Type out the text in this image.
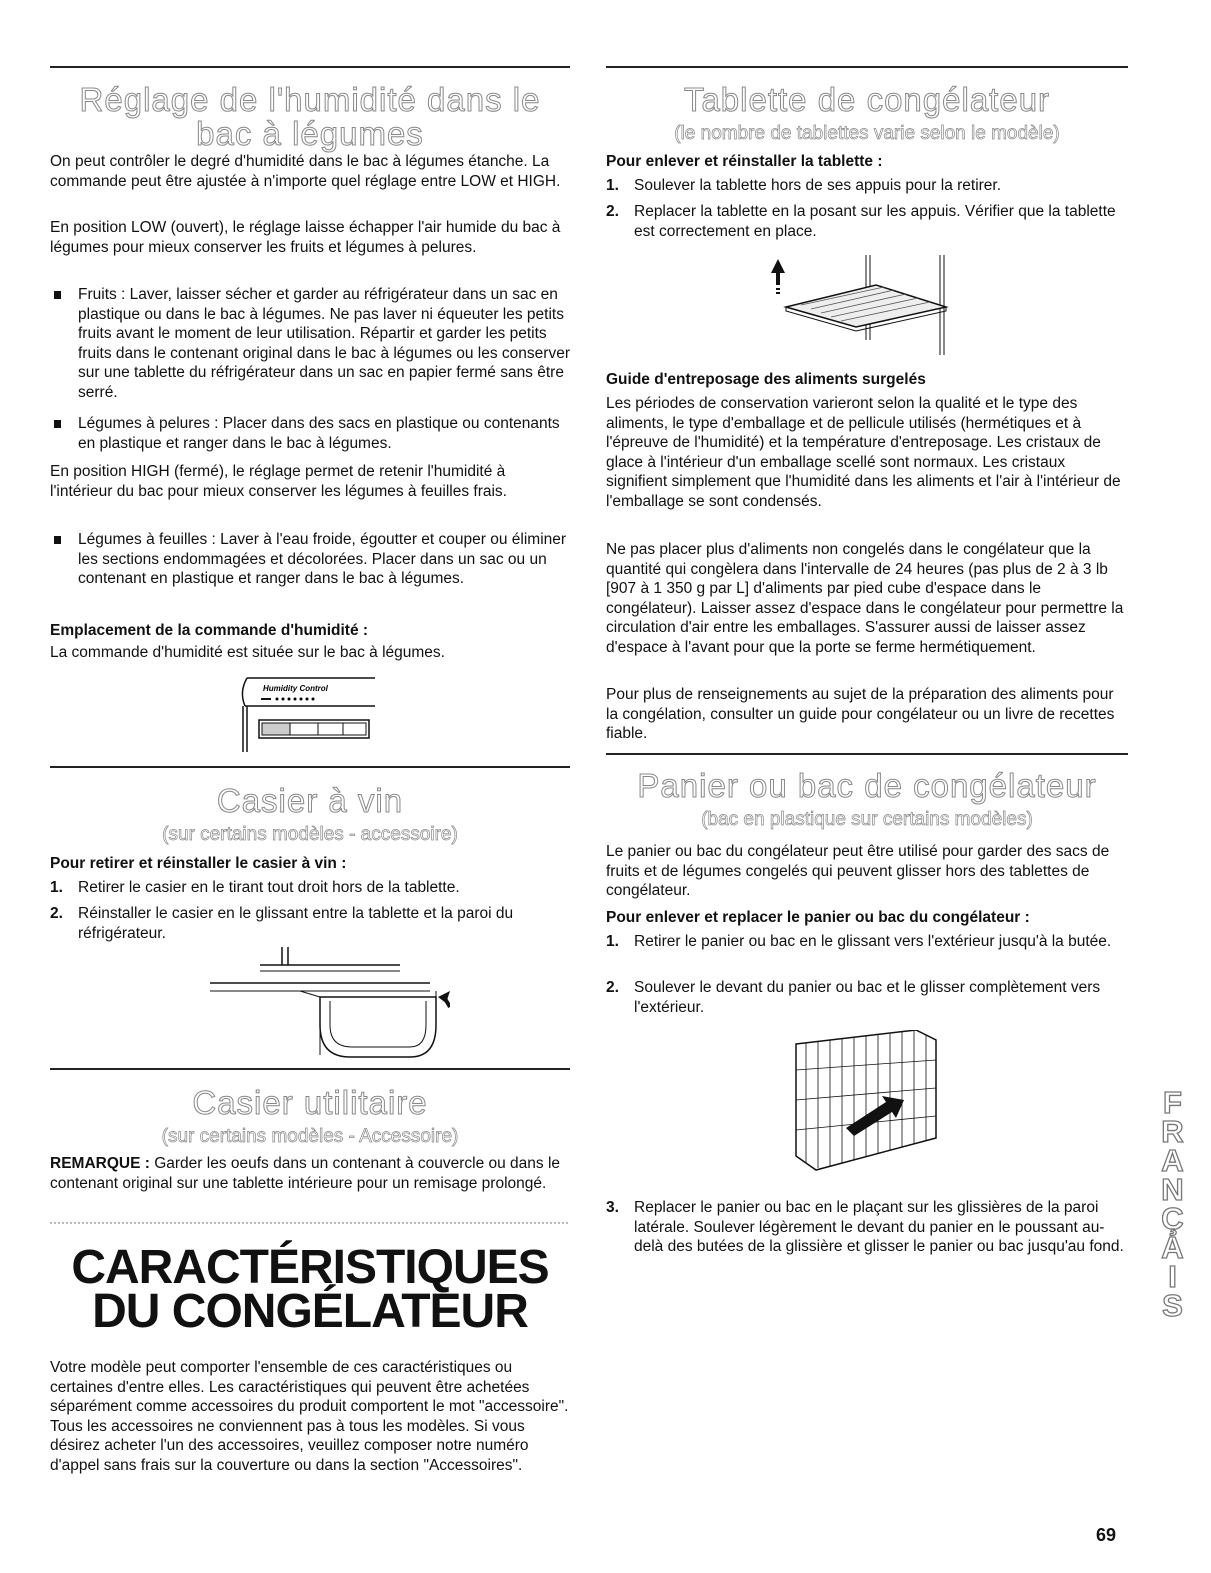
Réglage de l'humidité dans le
bac à légumes

On peut contrôler le degré d'humidité dans le bac à légumes étanche. La commande peut être ajustée à n'importe quel réglage entre LOW et HIGH.

En position LOW (ouvert), le réglage laisse échapper l'air humide du bac à légumes pour mieux conserver les fruits et légumes à pelures.

Fruits : Laver, laisser sécher et garder au réfrigérateur dans un sac en plastique ou dans le bac à légumes. Ne pas laver ni équeuter les petits fruits avant le moment de leur utilisation. Répartir et garder les petits fruits dans le contenant original dans le bac à légumes ou les conserver sur une tablette du réfrigérateur dans un sac en papier fermé sans être serré.
Légumes à pelures : Placer dans des sacs en plastique ou contenants en plastique et ranger dans le bac à légumes.

En position HIGH (fermé), le réglage permet de retenir l'humidité à l'intérieur du bac pour mieux conserver les légumes à feuilles frais.

Légumes à feuilles : Laver à l'eau froide, égoutter et couper ou éliminer les sections endommagées et décolorées. Placer dans un sac ou un contenant en plastique et ranger dans le bac à légumes.

Emplacement de la commande d'humidité :

La commande d'humidité est située sur le bac à légumes.

Humidity Control
Casier à vin
(sur certains modèles - accessoire)

Pour retirer et réinstaller le casier à vin :

1. Retirer le casier en le tirant tout droit hors de la tablette.
2. Réinstaller le casier en le glissant entre la tablette et la paroi du réfrigérateur.
Casier utilitaire
(sur certains modèles - Accessoire)

REMARQUE : Garder les oeufs dans un contenant à couvercle ou dans le contenant original sur une tablette intérieure pour un remisage prolongé.

CARACTÉRISTIQUES
DU CONGÉLATEUR

Votre modèle peut comporter l'ensemble de ces caractéristiques ou certaines d'entre elles. Les caractéristiques qui peuvent être achetées séparément comme accessoires du produit comportent le mot "accessoire". Tous les accessoires ne conviennent pas à tous les modèles. Si vous désirez acheter l'un des accessoires, veuillez composer notre numéro d'appel sans frais sur la couverture ou dans la section "Accessoires".

Tablette de congélateur
(le nombre de tablettes varie selon le modèle)

Pour enlever et réinstaller la tablette :

1. Soulever la tablette hors de ses appuis pour la retirer.
2. Replacer la tablette en la posant sur les appuis. Vérifier que la tablette est correctement en place.

Guide d'entreposage des aliments surgelés

Les périodes de conservation varieront selon la qualité et le type des aliments, le type d'emballage et de pellicule utilisés (hermétiques et à l'épreuve de l'humidité) et la température d'entreposage. Les cristaux de glace à l'intérieur d'un emballage scellé sont normaux. Les cristaux signifient simplement que l'humidité dans les aliments et l'air à l'intérieur de l'emballage se sont condensés.

Ne pas placer plus d'aliments non congelés dans le congélateur que la quantité qui congèlera dans l'intervalle de 24 heures (pas plus de 2 à 3 lb [907 à 1 350 g par L] d'aliments par pied cube d'espace dans le congélateur). Laisser assez d'espace dans le congélateur pour permettre la circulation d'air entre les emballages. S'assurer aussi de laisser assez d'espace à l'avant pour que la porte se ferme hermétiquement.

Pour plus de renseignements au sujet de la préparation des aliments pour la congélation, consulter un guide pour congélateur ou un livre de recettes fiable.

Panier ou bac de congélateur
(bac en plastique sur certains modèles)

Le panier ou bac du congélateur peut être utilisé pour garder des sacs de fruits et de légumes congelés qui peuvent glisser hors des tablettes de congélateur.

Pour enlever et replacer le panier ou bac du congélateur :

1. Retirer le panier ou bac en le glissant vers l'extérieur jusqu'à la butée.
2. Soulever le devant du panier ou bac et le glisser complètement vers l'extérieur.
3. Replacer le panier ou bac en le plaçant sur les glissières de la paroi latérale. Soulever légèrement le devant du panier en le poussant au-delà des butées de la glissière et glisser le panier ou bac jusqu'au fond. FRANÇAIS
69
